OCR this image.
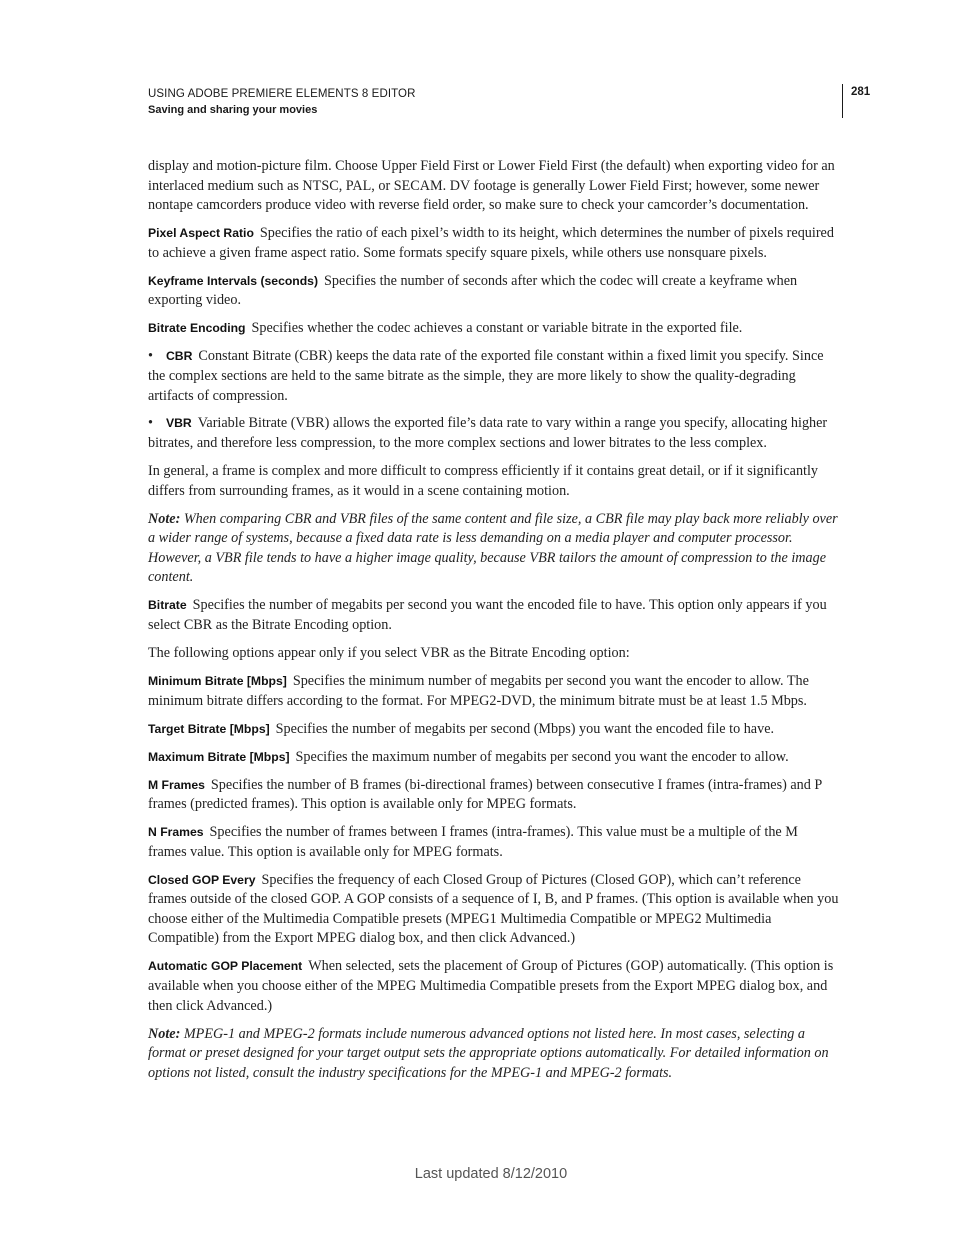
USING ADOBE PREMIERE ELEMENTS 8 EDITOR
Saving and sharing your movies
281

display and motion-picture film. Choose Upper Field First or Lower Field First (the default) when exporting video for an interlaced medium such as NTSC, PAL, or SECAM. DV footage is generally Lower Field First; however, some newer nontape camcorders produce video with reverse field order, so make sure to check your camcorder’s documentation.

Pixel Aspect Ratio Specifies the ratio of each pixel’s width to its height, which determines the number of pixels required to achieve a given frame aspect ratio. Some formats specify square pixels, while others use nonsquare pixels.

Keyframe Intervals (seconds) Specifies the number of seconds after which the codec will create a keyframe when exporting video.

Bitrate Encoding Specifies whether the codec achieves a constant or variable bitrate in the exported file.

• CBR Constant Bitrate (CBR) keeps the data rate of the exported file constant within a fixed limit you specify. Since the complex sections are held to the same bitrate as the simple, they are more likely to show the quality-degrading artifacts of compression.

• VBR Variable Bitrate (VBR) allows the exported file’s data rate to vary within a range you specify, allocating higher bitrates, and therefore less compression, to the more complex sections and lower bitrates to the less complex.

In general, a frame is complex and more difficult to compress efficiently if it contains great detail, or if it significantly differs from surrounding frames, as it would in a scene containing motion.

Note: When comparing CBR and VBR files of the same content and file size, a CBR file may play back more reliably over a wider range of systems, because a fixed data rate is less demanding on a media player and computer processor. However, a VBR file tends to have a higher image quality, because VBR tailors the amount of compression to the image content.

Bitrate Specifies the number of megabits per second you want the encoded file to have. This option only appears if you select CBR as the Bitrate Encoding option.

The following options appear only if you select VBR as the Bitrate Encoding option:

Minimum Bitrate [Mbps] Specifies the minimum number of megabits per second you want the encoder to allow. The minimum bitrate differs according to the format. For MPEG2-DVD, the minimum bitrate must be at least 1.5 Mbps.

Target Bitrate [Mbps] Specifies the number of megabits per second (Mbps) you want the encoded file to have.

Maximum Bitrate [Mbps] Specifies the maximum number of megabits per second you want the encoder to allow.

M Frames Specifies the number of B frames (bi-directional frames) between consecutive I frames (intra-frames) and P frames (predicted frames). This option is available only for MPEG formats.

N Frames Specifies the number of frames between I frames (intra-frames). This value must be a multiple of the M frames value. This option is available only for MPEG formats.

Closed GOP Every Specifies the frequency of each Closed Group of Pictures (Closed GOP), which can’t reference frames outside of the closed GOP. A GOP consists of a sequence of I, B, and P frames. (This option is available when you choose either of the Multimedia Compatible presets (MPEG1 Multimedia Compatible or MPEG2 Multimedia Compatible) from the Export MPEG dialog box, and then click Advanced.)

Automatic GOP Placement When selected, sets the placement of Group of Pictures (GOP) automatically. (This option is available when you choose either of the MPEG Multimedia Compatible presets from the Export MPEG dialog box, and then click Advanced.)

Note: MPEG-1 and MPEG-2 formats include numerous advanced options not listed here. In most cases, selecting a format or preset designed for your target output sets the appropriate options automatically. For detailed information on options not listed, consult the industry specifications for the MPEG-1 and MPEG-2 formats.

Last updated 8/12/2010
